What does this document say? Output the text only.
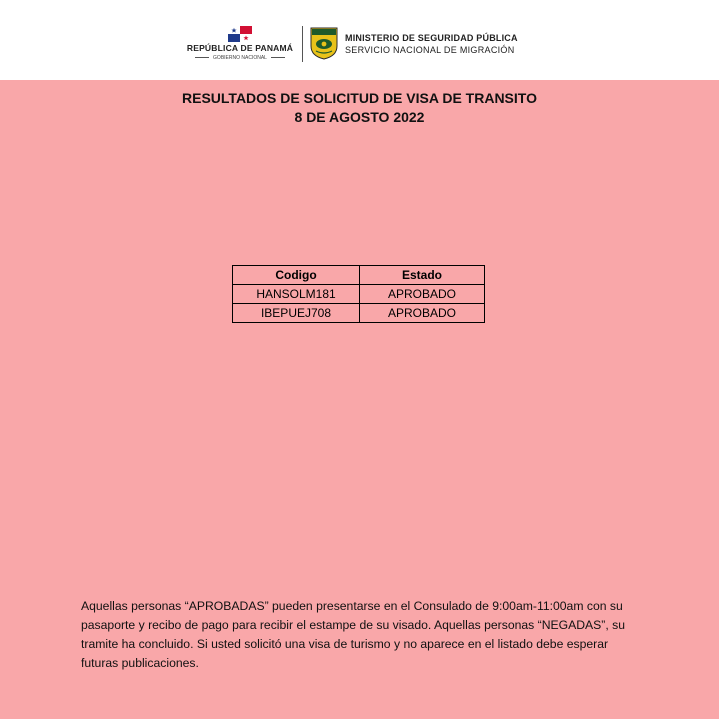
REPÚBLICA DE PANAMÁ
GOBIERNO NACIONAL
MINISTERIO DE SEGURIDAD PÚBLICA
SERVICIO NACIONAL DE MIGRACIÓN
RESULTADOS DE SOLICITUD DE VISA DE TRANSITO
8 DE AGOSTO 2022
Codigo	Estado
HANSOLM181	APROBADO
IBEPUEJ708	APROBADO
Aquellas personas “APROBADAS” pueden presentarse en el Consulado de 9:00am-11:00am con su pasaporte y recibo de pago para recibir el estampe de su visado. Aquellas personas “NEGADAS”, su tramite ha concluido. Si usted solicitó una visa de turismo y no aparece en el listado debe esperar futuras publicaciones.
